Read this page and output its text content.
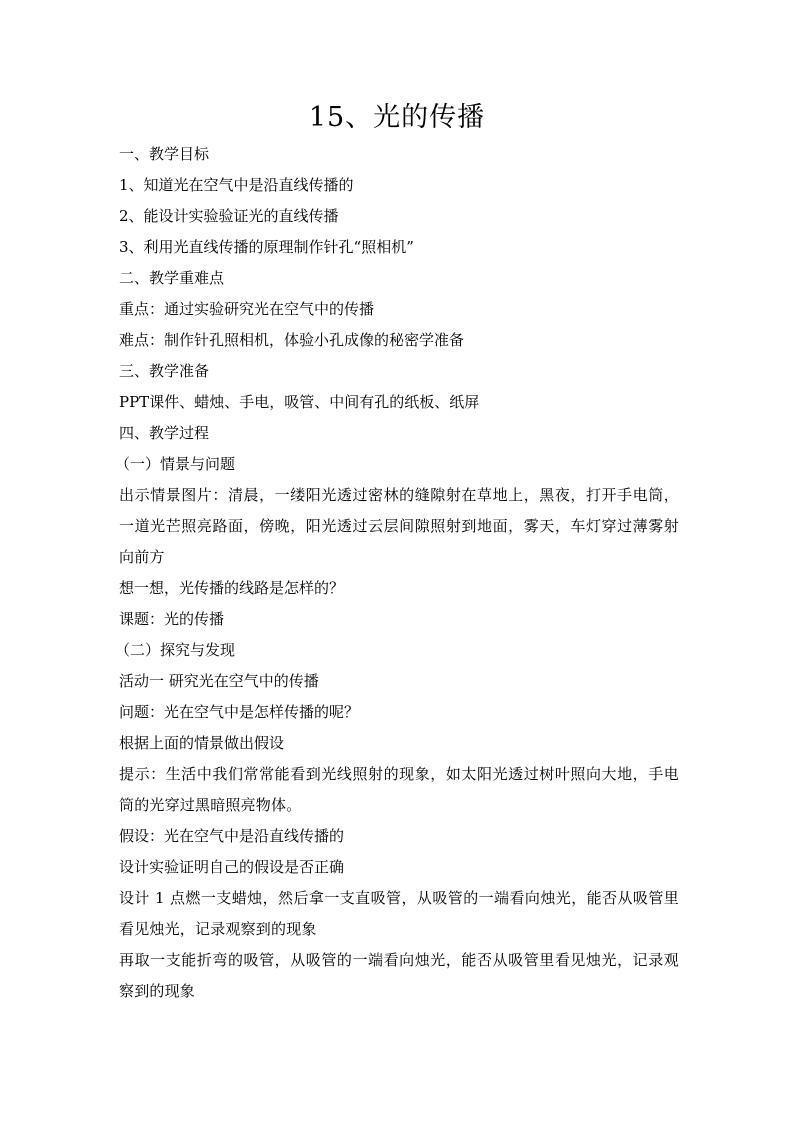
15、光的传播
一、教学目标
1、知道光在空气中是沿直线传播的
2、能设计实验验证光的直线传播
3、利用光直线传播的原理制作针孔“照相机”
二、教学重难点
重点：通过实验研究光在空气中的传播
难点：制作针孔照相机，体验小孔成像的秘密学准备
三、教学准备
PPT课件、蜡烛、手电，吸管、中间有孔的纸板、纸屏
四、教学过程
（一）情景与问题
出示情景图片：清晨，一缕阳光透过密林的缝隙射在草地上，黑夜，打开手电筒，一道光芒照亮路面，傍晚，阳光透过云层间隙照射到地面，雾天，车灯穿过薄雾射向前方
想一想，光传播的线路是怎样的？
课题：光的传播
（二）探究与发现
活动一 研究光在空气中的传播
问题：光在空气中是怎样传播的呢？
根据上面的情景做出假设
提示：生活中我们常常能看到光线照射的现象，如太阳光透过树叶照向大地，手电筒的光穿过黑暗照亮物体。
假设：光在空气中是沿直线传播的
设计实验证明自己的假设是否正确
设计 1 点燃一支蜡烛，然后拿一支直吸管，从吸管的一端看向烛光，能否从吸管里看见烛光，记录观察到的现象
再取一支能折弯的吸管，从吸管的一端看向烛光，能否从吸管里看见烛光，记录观察到的现象
